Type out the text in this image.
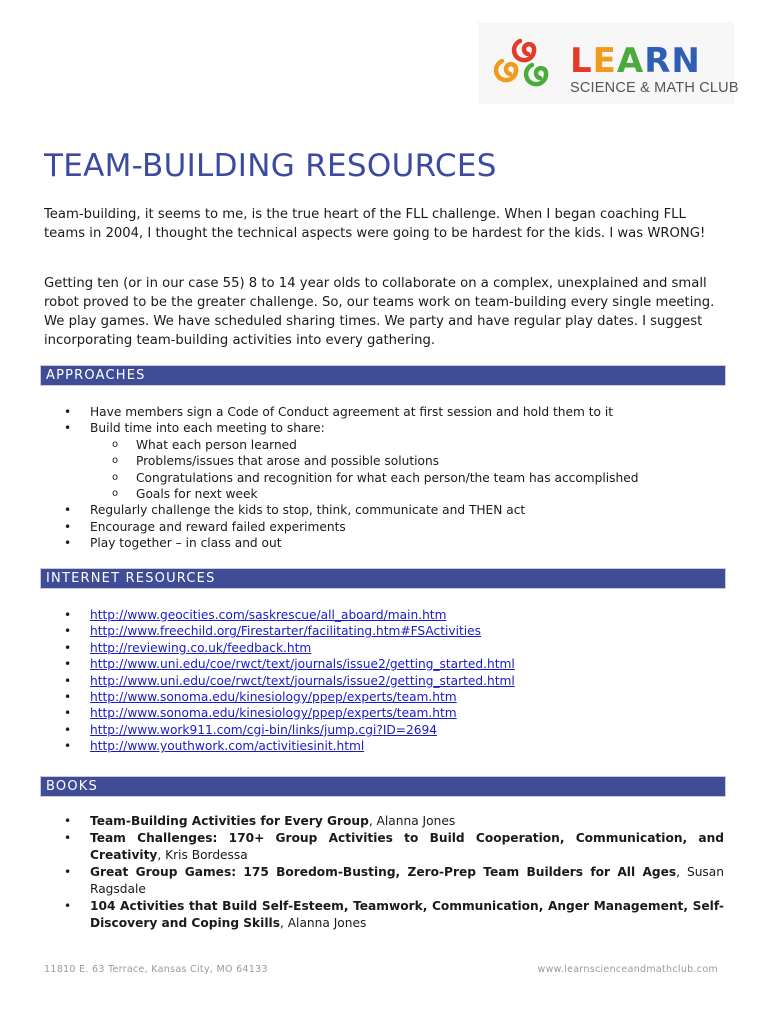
LEARN
SCIENCE & MATH CLUB
TEAM-BUILDING RESOURCES

Team-building, it seems to me, is the true heart of the FLL challenge. When I began coaching FLL teams in 2004, I thought the technical aspects were going to be hardest for the kids. I was WRONG!

Getting ten (or in our case 55) 8 to 14 year olds to collaborate on a complex, unexplained and small robot proved to be the greater challenge. So, our teams work on team-building every single meeting. We play games. We have scheduled sharing times. We party and have regular play dates. I suggest incorporating team-building activities into every gathering.

APPROACHES
• Have members sign a Code of Conduct agreement at first session and hold them to it
• Build time into each meeting to share:
o What each person learned
o Problems/issues that arose and possible solutions
o Congratulations and recognition for what each person/the team has accomplished
o Goals for next week
• Regularly challenge the kids to stop, think, communicate and THEN act
• Encourage and reward failed experiments
• Play together – in class and out
INTERNET RESOURCES
• http://www.geocities.com/saskrescue/all_aboard/main.htm
• http://www.freechild.org/Firestarter/facilitating.htm#FSActivities
• http://reviewing.co.uk/feedback.htm
• http://www.uni.edu/coe/rwct/text/journals/issue2/getting_started.html
• http://www.uni.edu/coe/rwct/text/journals/issue2/getting_started.html
• http://www.sonoma.edu/kinesiology/ppep/experts/team.htm
• http://www.sonoma.edu/kinesiology/ppep/experts/team.htm
• http://www.work911.com/cgi-bin/links/jump.cgi?ID=2694
• http://www.youthwork.com/activitiesinit.html
BOOKS
• Team-Building Activities for Every Group, Alanna Jones
• Team Challenges: 170+ Group Activities to Build Cooperation, Communication, and Creativity, Kris Bordessa
• Great Group Games: 175 Boredom-Busting, Zero-Prep Team Builders for All Ages, Susan Ragsdale
• 104 Activities that Build Self-Esteem, Teamwork, Communication, Anger Management, Self-Discovery and Coping Skills, Alanna Jones
11810 E. 63 Terrace, Kansas City, MO 64133	www.learnscienceandmathclub.com
